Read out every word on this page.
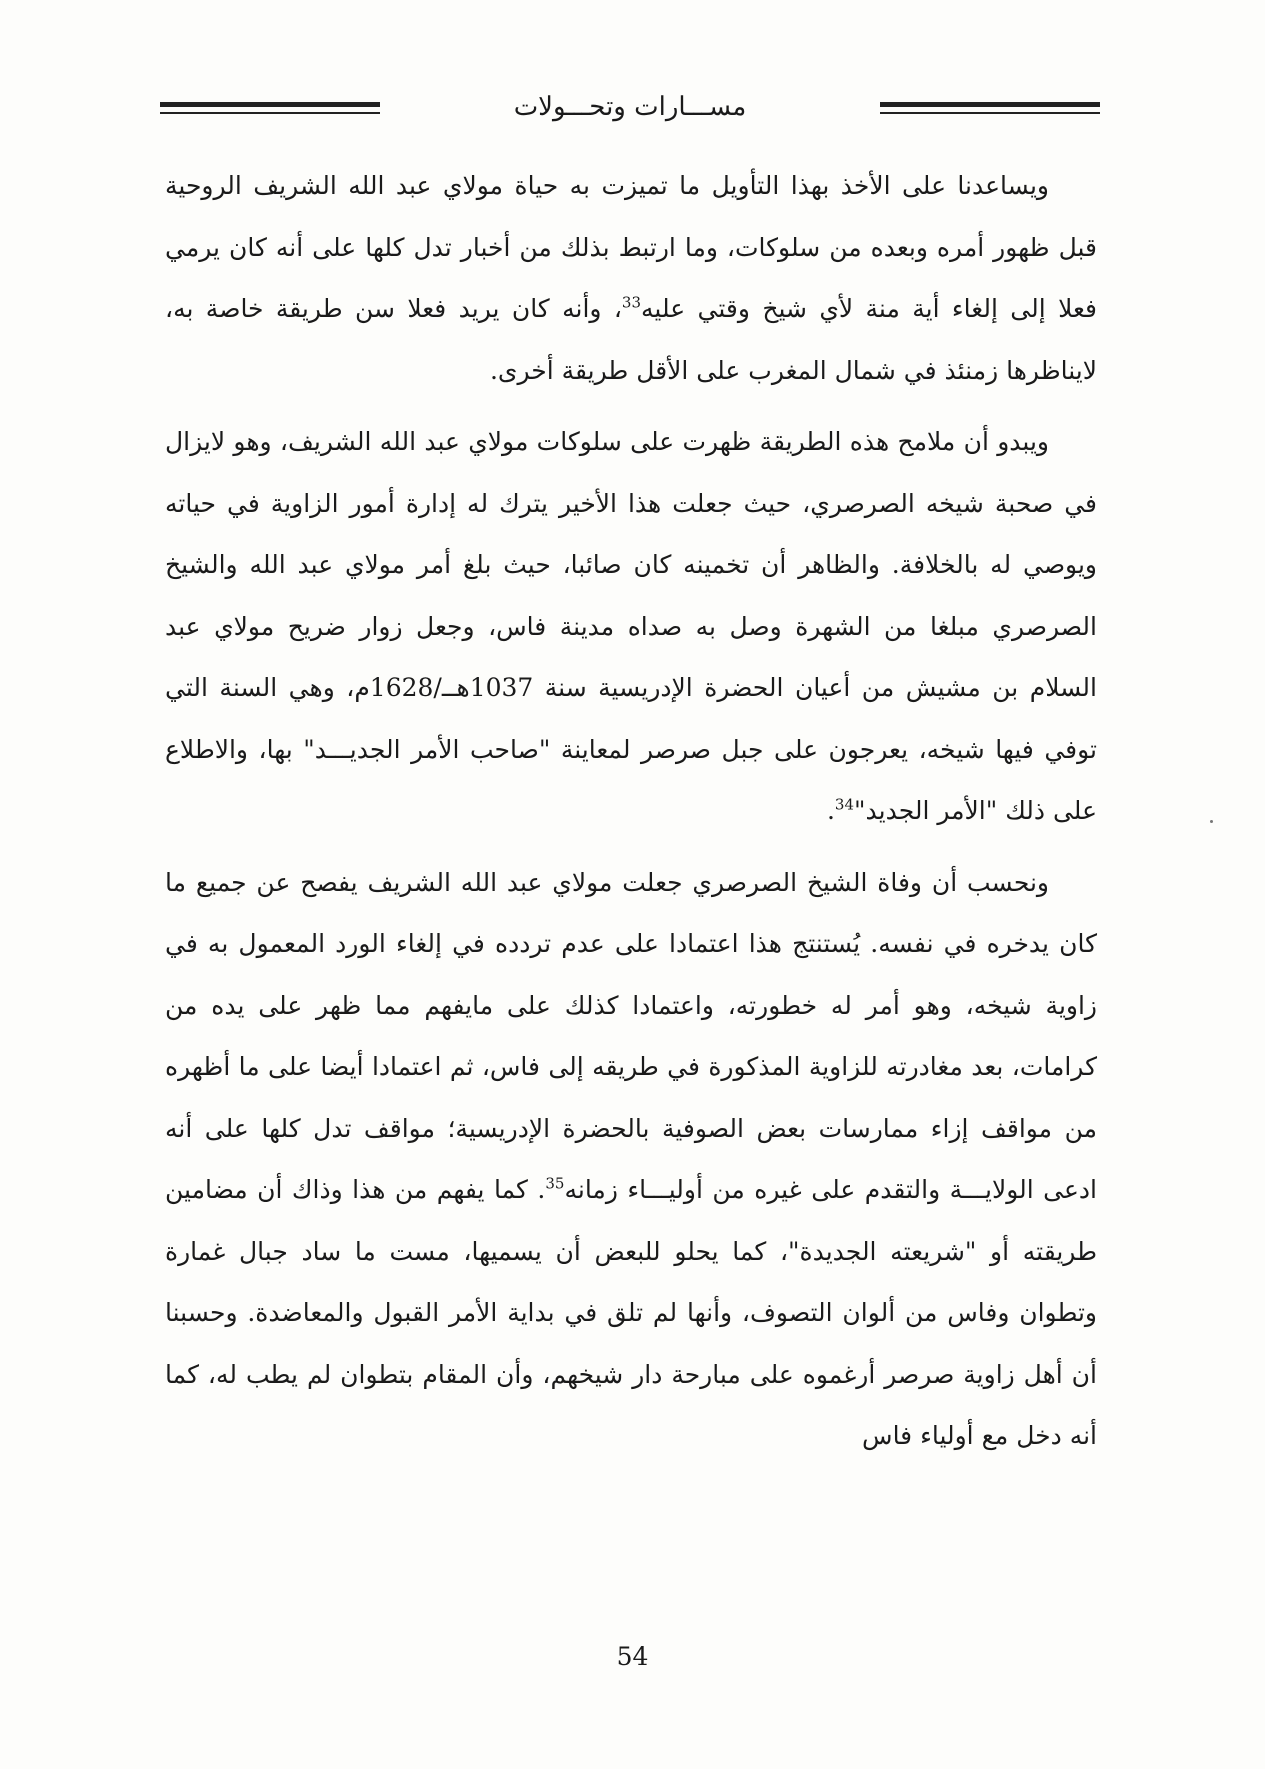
مســـارات وتحـــولات

ويساعدنا على الأخذ بهذا التأويل ما تميزت به حياة مولاي عبد الله الشريف الروحية قبل ظهور أمره وبعده من سلوكات، وما ارتبط بذلك من أخبار تدل كلها على أنه كان يرمي فعلا إلى إلغاء أية منة لأي شيخ وقتي عليه$^{33}$، وأنه كان يريد فعلا سن طريقة خاصة به، لايناظرها زمنئذ في شمال المغرب على الأقل طريقة أخرى.

ويبدو أن ملامح هذه الطريقة ظهرت على سلوكات مولاي عبد الله الشريف، وهو لايزال في صحبة شيخه الصرصري، حيث جعلت هذا الأخير يترك له إدارة أمور الزاوية في حياته ويوصي له بالخلافة. والظاهر أن تخمينه كان صائبا، حيث بلغ أمر مولاي عبد الله والشيخ الصرصري مبلغا من الشهرة وصل به صداه مدينة فاس، وجعل زوار ضريح مولاي عبد السلام بن مشيش من أعيان الحضرة الإدريسية سنة 1037هــ/1628م، وهي السنة التي توفي فيها شيخه، يعرجون على جبل صرصر لمعاينة "صاحب الأمر الجديـــد" بها، والاطلاع على ذلك "الأمر الجديد"$^{34}$.

ونحسب أن وفاة الشيخ الصرصري جعلت مولاي عبد الله الشريف يفصح عن جميع ما كان يدخره في نفسه. يُستنتج هذا اعتمادا على عدم تردده في إلغاء الورد المعمول به في زاوية شيخه، وهو أمر له خطورته، واعتمادا كذلك على مايفهم مما ظهر على يده من كرامات، بعد مغادرته للزاوية المذكورة في طريقه إلى فاس، ثم اعتمادا أيضا على ما أظهره من مواقف إزاء ممارسات بعض الصوفية بالحضرة الإدريسية؛ مواقف تدل كلها على أنه ادعى الولايـــة والتقدم على غيره من أوليـــاء زمانه$^{35}$. كما يفهم من هذا وذاك أن مضامين طريقته أو "شريعته الجديدة"، كما يحلو للبعض أن يسميها، مست ما ساد جبال غمارة وتطوان وفاس من ألوان التصوف، وأنها لم تلق في بداية الأمر القبول والمعاضدة. وحسبنا أن أهل زاوية صرصر أرغموه على مبارحة دار شيخهم، وأن المقام بتطوان لم يطب له، كما أنه دخل مع أولياء فاس

54
